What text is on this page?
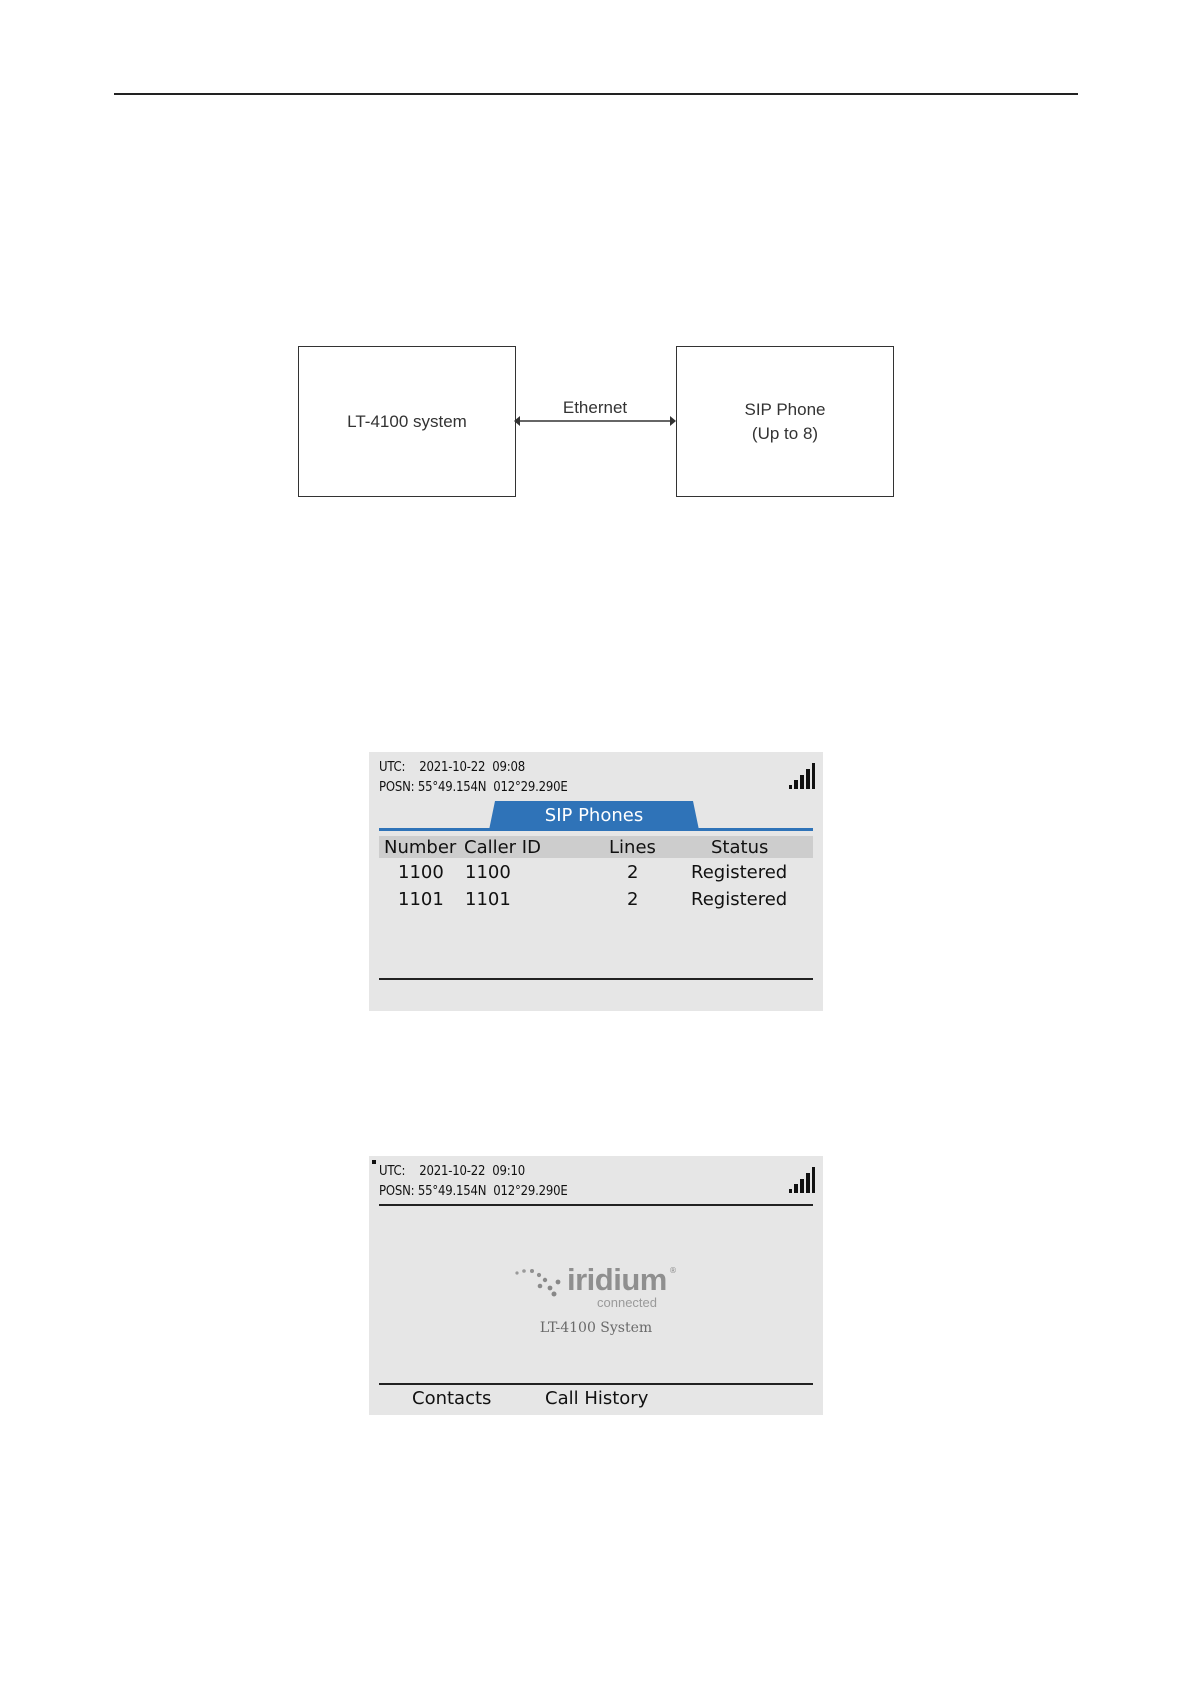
LT-4100 system
Ethernet	SIP Phone
(Up to 8)
UTC:    2021-10-22  09:08
POSN: 55°49.154N  012°29.290E
SIP Phones
Number Caller ID	Lines	Status
1100 1100	2	Registered
1101 1101	2	Registered
UTC:    2021-10-22  09:10
POSN: 55°49.154N  012°29.290E
iridium ®
connected
LT-4100 System
Contacts	Call History
